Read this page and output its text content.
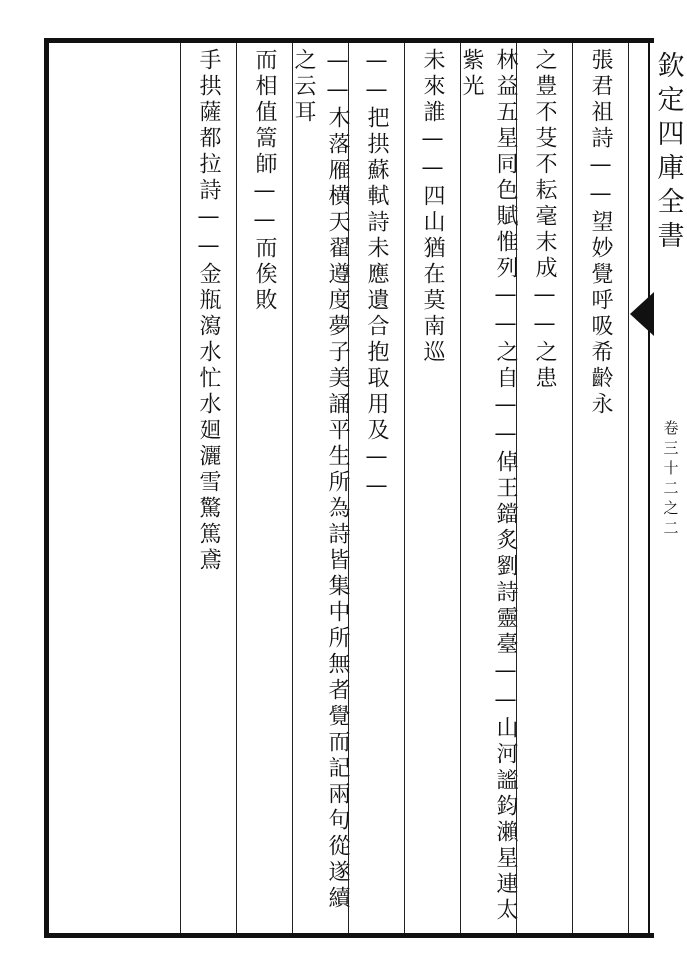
欽
定
四
庫
全
書
卷
三
十
二
之
二
張君祖詩——望妙覺呼吸希齡永
之豊不芟不耘毫末成——之患
林益五星同色賦惟列——之自——倬王鐺炙劉詩靈臺——山河謐鈞瀨星連太紫光
未來誰——四山猶在莫南巡
——把拱蘇軾詩未應遺合抱取用及——
——木落雁横天翟遵度夢子美誦平生所為詩皆集中所無者覺而記兩句從遂續之云耳
而相值篙師——而俟敗
手拱薩都拉詩——金瓶瀉水忙水廻灑雪驚篤鳶
